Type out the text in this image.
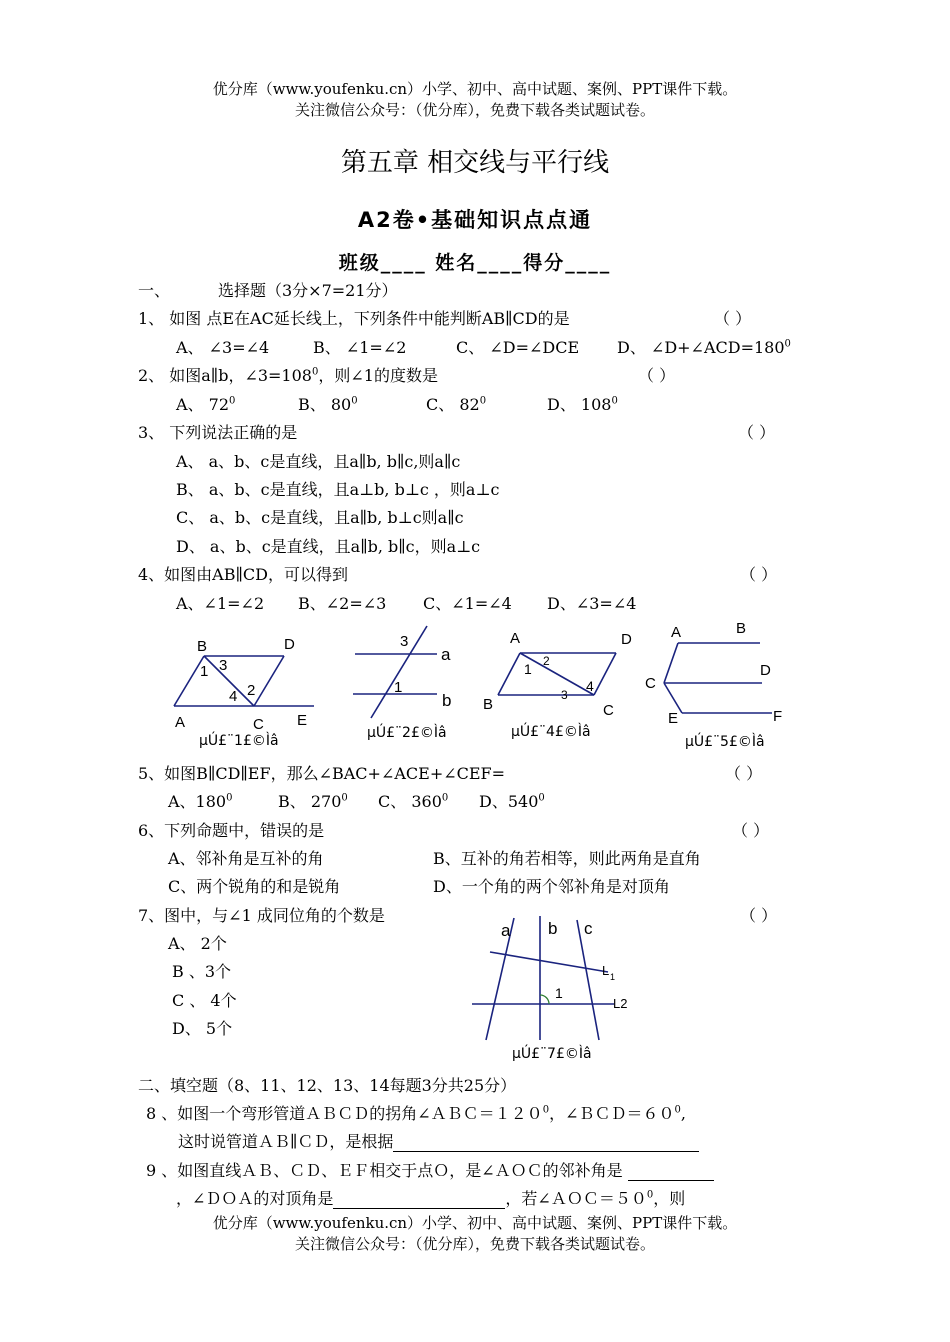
优分库（www.youfenku.cn）小学、初中、高中试题、案例、PPT课件下载。
关注微信公众号：（优分库），免费下载各类试题试卷。
第五章 相交线与平行线
A2卷•基础知识点点通
班级____ 姓名____得分____
一、	选择题（3分×7=21分）
1、 如图 点E在AC延长线上，下列条件中能判断AB∥CD的是	（ ）
A、 ∠3=∠4	B、 ∠1=∠2	C、 ∠D=∠DCE D、 $\angle D+\angle ACD=180^0$
2、 如图a∥b，$\angle 3=108^0$，则∠1的度数是	（ ）
A、 $72^0$	B、 $80^0$	C、 $82^0$	D、 $108^0$
3、 下列说法正确的是	（ ）
A、 a、b、c是直线，且a∥b, b∥c,则a∥c
B、 a、b、c是直线，且a⊥b, b⊥c ，则a⊥c
C、 a、b、c是直线，且a∥b, b⊥c则a∥c
D、 a、b、c是直线，且a∥b, b∥c，则a⊥c
4、如图由AB∥CD，可以得到	（ ）
A、∠1=∠2 B、∠2=∠3 C、∠1=∠4 D、∠3=∠4
B	D
1 3
4 2
A	C E
µÚ£¨1£©Ìâ
3
a
1
b
µÚ£¨2£©Ìâ
A	D
2
1
4
3
B	C
µÚ£¨4£©Ìâ
A	B
D
C
E	F
µÚ£¨5£©Ìâ
5、如图B∥CD∥EF，那么∠BAC+∠ACE+∠CEF=	（ ）
A、$180^0$	B、 $270^0$ C、 $360^0$ D、$540^0$
6、下列命题中，错误的是	（ ）
A、邻补角是互补的角	B、互补的角若相等，则此两角是直角
C、两个锐角的和是锐角	D、一个角的两个邻补角是对顶角
7、图中，与∠1 成同位角的个数是	（ ）
A、 2个
B 、3个
C 、 4个
D、 5个
a b c
L 1
1
L2
µÚ£¨7£©Ìâ
二、填空题（8、11、12、13、14每题3分共25分）
8 、如图一个弯形管道ＡＢＣＤ的拐角$\angle ABC=120^0$，$\angle BCD=60^0$,
这时说管道ＡＢ∥ＣＤ，是根据
9 、如图直线ＡＢ、ＣＤ、ＥＦ相交于点Ｏ，是∠ＡＯＣ的邻补角是
，∠ＤＯＡ的对顶角是	，若$\angle AOC=50^0$，则
优分库（www.youfenku.cn）小学、初中、高中试题、案例、PPT课件下载。
关注微信公众号：（优分库），免费下载各类试题试卷。
